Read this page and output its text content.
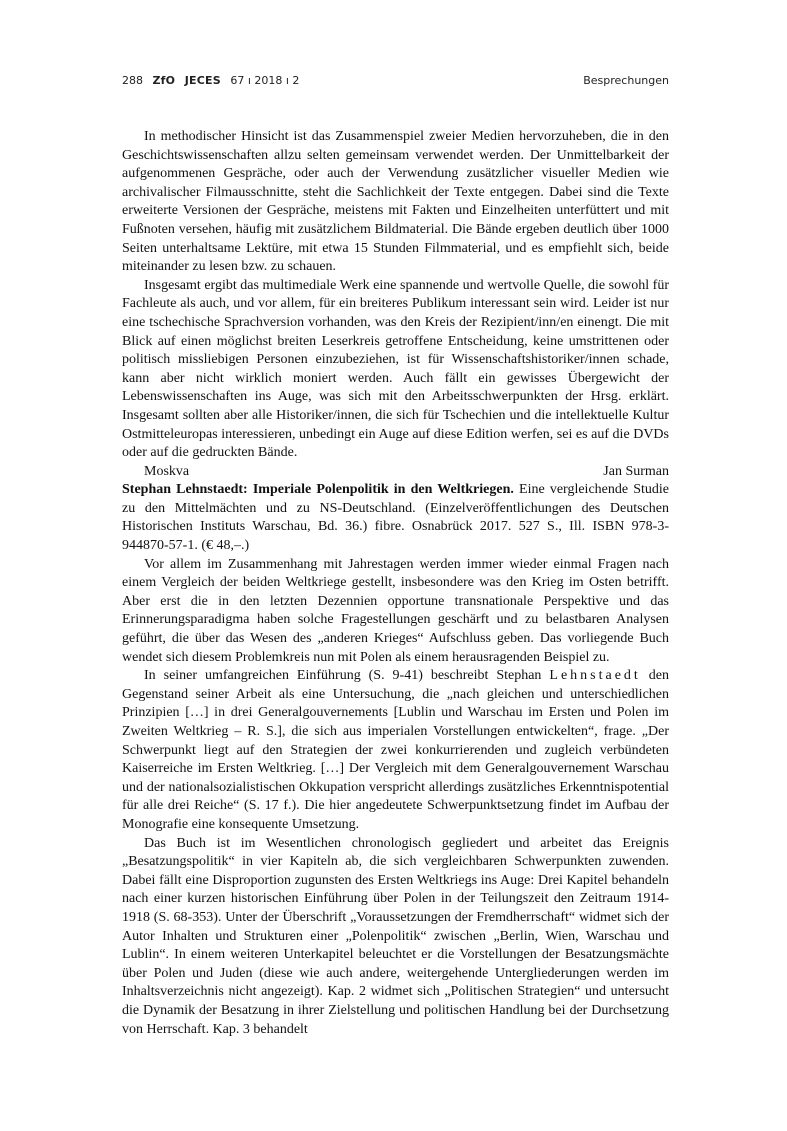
288 ZfO JECES 67 ı 2018 ı 2	Besprechungen

In methodischer Hinsicht ist das Zusammenspiel zweier Medien hervorzuheben, die in den Geschichtswissenschaften allzu selten gemeinsam verwendet werden. Der Unmittelbarkeit der aufgenommenen Gespräche, oder auch der Verwendung zusätzlicher visueller Medien wie archivalischer Filmausschnitte, steht die Sachlichkeit der Texte entgegen. Dabei sind die Texte erweiterte Versionen der Gespräche, meistens mit Fakten und Einzelheiten unterfüttert und mit Fußnoten versehen, häufig mit zusätzlichem Bildmaterial. Die Bände ergeben deutlich über 1000 Seiten unterhaltsame Lektüre, mit etwa 15 Stunden Filmmaterial, und es empfiehlt sich, beide miteinander zu lesen bzw. zu schauen.

Insgesamt ergibt das multimediale Werk eine spannende und wertvolle Quelle, die sowohl für Fachleute als auch, und vor allem, für ein breiteres Publikum interessant sein wird. Leider ist nur eine tschechische Sprachversion vorhanden, was den Kreis der Rezipient/inn/en einengt. Die mit Blick auf einen möglichst breiten Leserkreis getroffene Entscheidung, keine umstrittenen oder politisch missliebigen Personen einzubeziehen, ist für Wissenschaftshistoriker/innen schade, kann aber nicht wirklich moniert werden. Auch fällt ein gewisses Übergewicht der Lebenswissenschaften ins Auge, was sich mit den Arbeitsschwerpunkten der Hrsg. erklärt. Insgesamt sollten aber alle Historiker/innen, die sich für Tschechien und die intellektuelle Kultur Ostmitteleuropas interessieren, unbedingt ein Auge auf diese Edition werfen, sei es auf die DVDs oder auf die gedruckten Bände.

Moskva	Jan Surman

Stephan Lehnstaedt: Imperiale Polenpolitik in den Weltkriegen. Eine vergleichende Studie zu den Mittelmächten und zu NS-Deutschland. (Einzelveröffentlichungen des Deutschen Historischen Instituts Warschau, Bd. 36.) fibre. Osnabrück 2017. 527 S., Ill. ISBN 978-3-944870-57-1. (€ 48,–.)

Vor allem im Zusammenhang mit Jahrestagen werden immer wieder einmal Fragen nach einem Vergleich der beiden Weltkriege gestellt, insbesondere was den Krieg im Osten betrifft. Aber erst die in den letzten Dezennien opportune transnationale Perspektive und das Erinnerungsparadigma haben solche Fragestellungen geschärft und zu belastbaren Analysen geführt, die über das Wesen des „anderen Krieges“ Aufschluss geben. Das vorliegende Buch wendet sich diesem Problemkreis nun mit Polen als einem herausragenden Beispiel zu.

In seiner umfangreichen Einführung (S. 9-41) beschreibt Stephan Lehnstaedt den Gegenstand seiner Arbeit als eine Untersuchung, die „nach gleichen und unterschiedlichen Prinzipien […] in drei Generalgouvernements [Lublin und Warschau im Ersten und Polen im Zweiten Weltkrieg – R. S.], die sich aus imperialen Vorstellungen entwickelten“, frage. „Der Schwerpunkt liegt auf den Strategien der zwei konkurrierenden und zugleich verbündeten Kaiserreiche im Ersten Weltkrieg. […] Der Vergleich mit dem Generalgouvernement Warschau und der nationalsozialistischen Okkupation verspricht allerdings zusätzliches Erkenntnispotential für alle drei Reiche“ (S. 17 f.). Die hier angedeutete Schwerpunktsetzung findet im Aufbau der Monografie eine konsequente Umsetzung.

Das Buch ist im Wesentlichen chronologisch gegliedert und arbeitet das Ereignis „Besatzungspolitik“ in vier Kapiteln ab, die sich vergleichbaren Schwerpunkten zuwenden. Dabei fällt eine Disproportion zugunsten des Ersten Weltkriegs ins Auge: Drei Kapitel behandeln nach einer kurzen historischen Einführung über Polen in der Teilungszeit den Zeitraum 1914-1918 (S. 68-353). Unter der Überschrift „Voraussetzungen der Fremdherrschaft“ widmet sich der Autor Inhalten und Strukturen einer „Polenpolitik“ zwischen „Berlin, Wien, Warschau und Lublin“. In einem weiteren Unterkapitel beleuchtet er die Vorstellungen der Besatzungsmächte über Polen und Juden (diese wie auch andere, weitergehende Untergliederungen werden im Inhaltsverzeichnis nicht angezeigt). Kap. 2 widmet sich „Politischen Strategien“ und untersucht die Dynamik der Besatzung in ihrer Zielstellung und politischen Handlung bei der Durchsetzung von Herrschaft. Kap. 3 behandelt
